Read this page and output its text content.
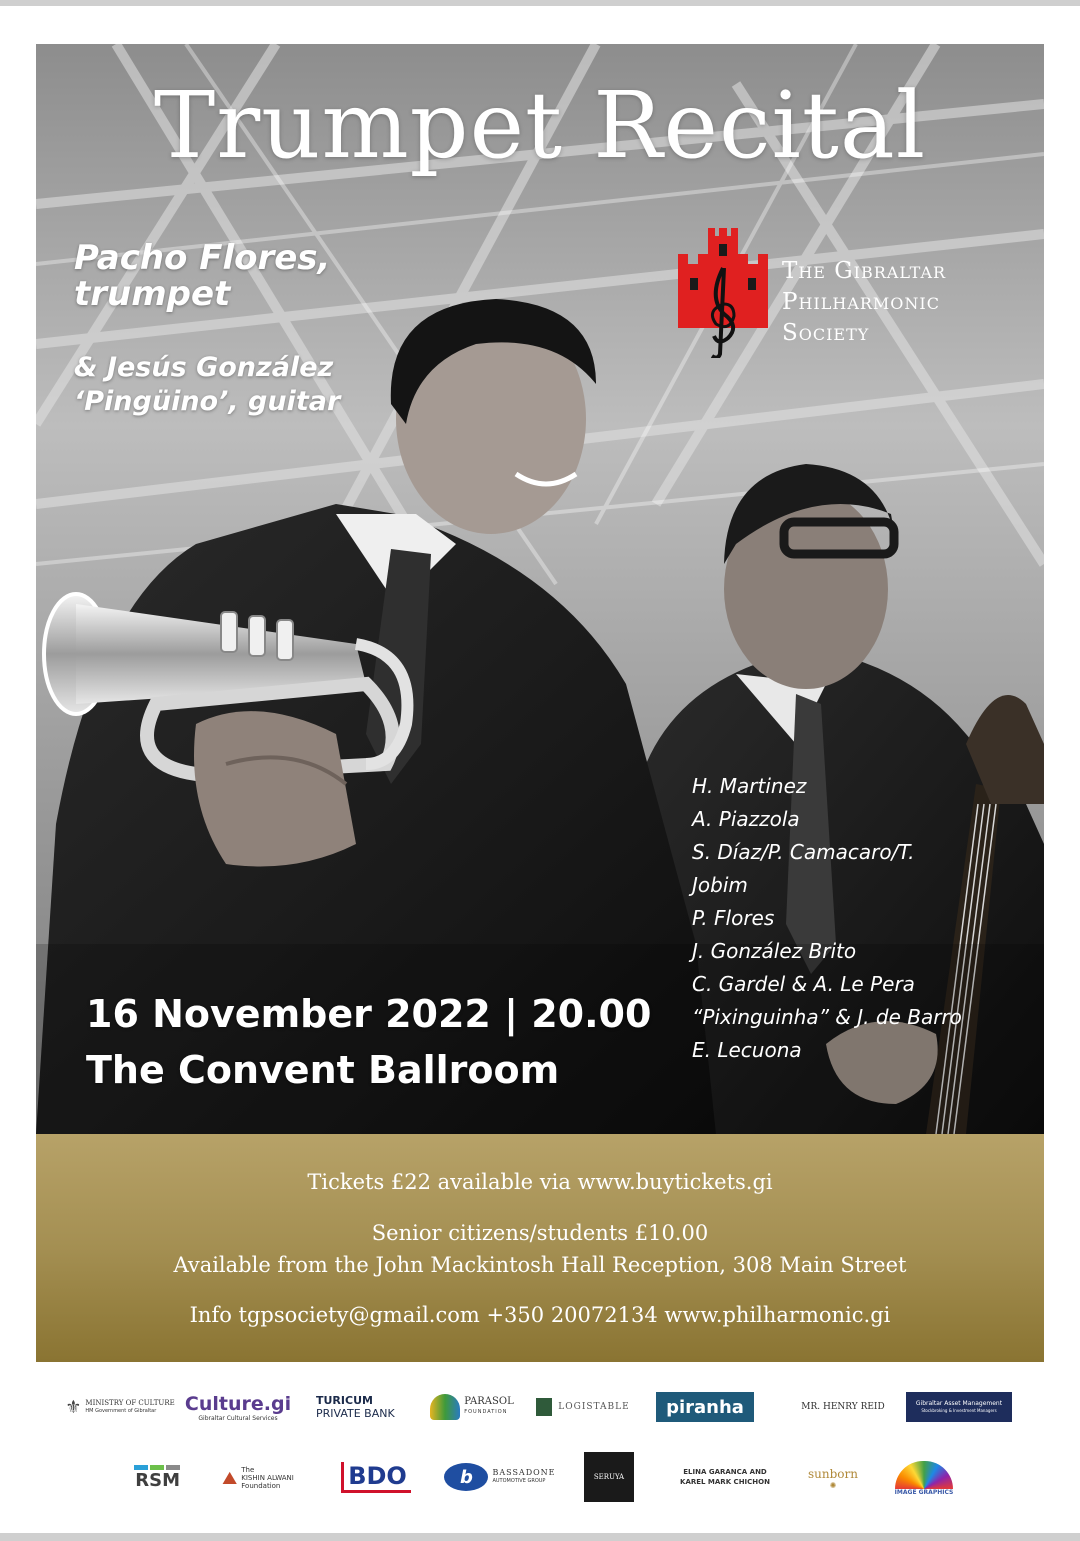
Trumpet Recital
Pacho Flores,
trumpet
& Jesús González
‘Pingüino’, guitar
The Gibraltar
Philharmonic
Society
H. Martinez
A. Piazzola
S. Díaz/P. Camacaro/T.
Jobim
P. Flores
J. González Brito
C. Gardel & A. Le Pera
“Pixinguinha” & J. de Barro
E. Lecuona
16 November 2022 | 20.00
The Convent Ballroom
Tickets £22 available via www.buytickets.gi
Senior citizens/students £10.00
Available from the John Mackintosh Hall Reception, 308 Main Street
Info tgpsociety@gmail.com +350 20072134 www.philharmonic.gi
⚜ MINISTRY OF CULTURE
HM Government of Gibraltar	Culture.gi
Gibraltar Cultural Services
TURICUM
PRIVATE BANK
PARASOL
FOUNDATION	LOGISTABLE piranha	MR. HENRY REID	Gibraltar Asset Management
Stockbroking & Investment Managers
RSM ⛰ The
KISHIN ALWANI
Foundation	BDO	b	BASSADONE
AUTOMOTIVE GROUP	SERUYA
ELINA GARANCA AND
KAREL MARK CHICHON
sunborn
✺
IMAGE GRAPHICS
